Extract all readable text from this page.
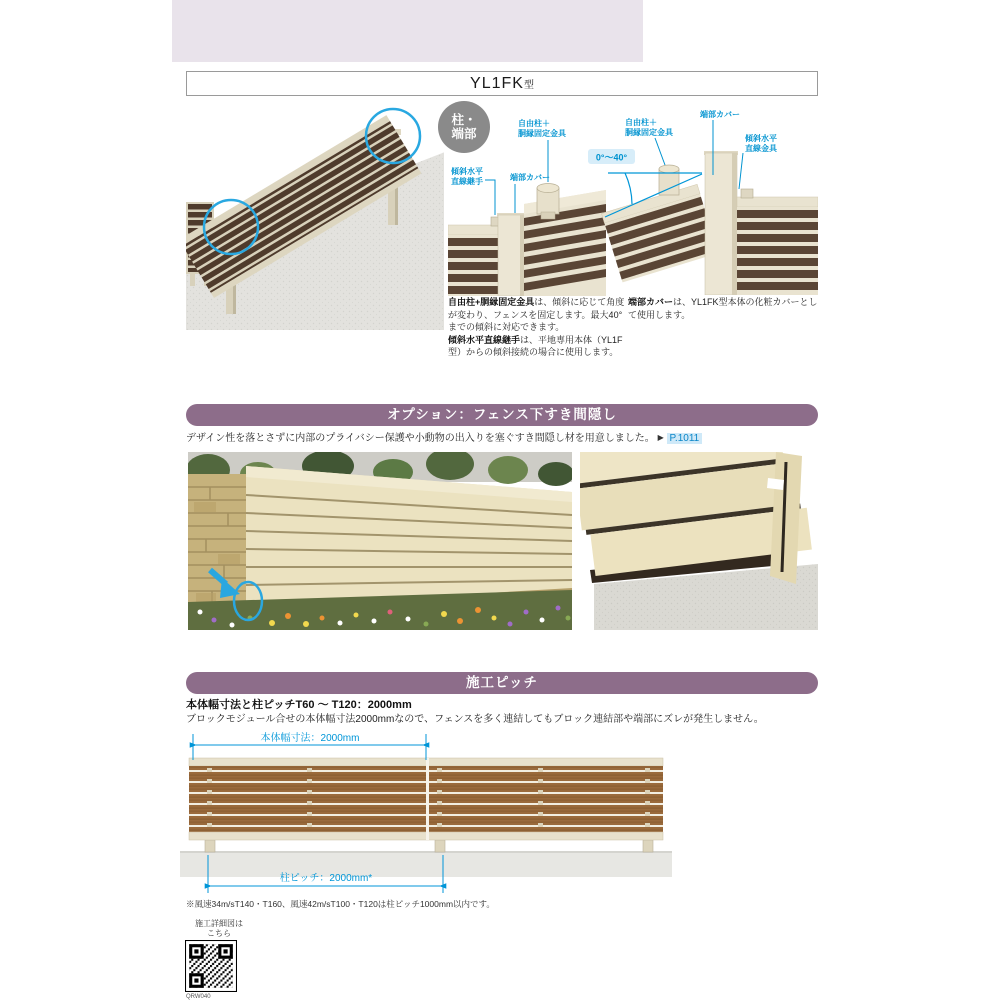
YL1FK型
柱・
端部
自由柱＋
胴縁固定金具
傾斜水平
直線継手	端部カバー
0°～40°
自由柱＋
胴縁固定金具
端部カバー
傾斜水平
直線金具

自由柱+胴縁固定金具は、傾斜に応じて角度が変わり、フェンスを固定します。最大40°までの傾斜に対応できます。

傾斜水平直線継手は、平地専用本体（YL1F型）からの傾斜接続の場合に使用します。

端部カバーは、YL1FK型本体の化粧カバーとして使用します。

オプション：フェンス下すき間隠し
デザイン性を落とさずに内部のプライバシー保護や小動物の出入りを塞ぐすき間隠し材を用意しました。 ▶ P.1011
施工ピッチ
本体幅寸法と柱ピッチT60 ～ T120：2000mm
ブロックモジュール合せの本体幅寸法2000mmなので、フェンスを多く連結してもブロック連結部や端部にズレが発生しません。
本体幅寸法：2000mm
柱ピッチ：2000mm*
※風速34m/sT140・T160、風速42m/sT100・T120は柱ピッチ1000mm以内です。
施工詳細図は
こちら
QRW040
